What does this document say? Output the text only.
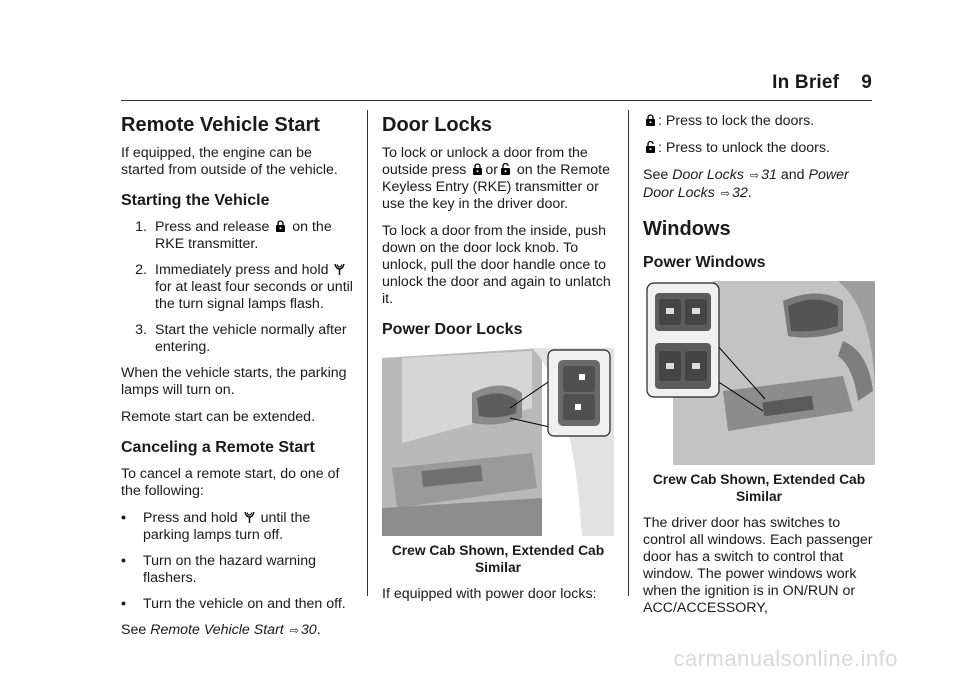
In Brief 9
Remote Vehicle Start

If equipped, the engine can be started from outside of the vehicle.

Starting the Vehicle
1. Press and release on the RKE transmitter.
2. Immediately press and hold  for at least four seconds or until the turn signal lamps flash.
3. Start the vehicle normally after entering.

When the vehicle starts, the parking lamps will turn on.

Remote start can be extended.

Canceling a Remote Start

To cancel a remote start, do one of the following:

•	Press and hold until the parking lamps turn off.
•	Turn on the hazard warning flashers.
•	Turn the vehicle on and then off.

See Remote Vehicle Start ⇨ 30.

Door Locks

To lock or unlock a door from the outside press or on the Remote Keyless Entry (RKE) transmitter or use the key in the driver door.

To lock a door from the inside, push down on the door lock knob. To unlock, pull the door handle once to unlock the door and again to unlatch it.

Power Door Locks
Crew Cab Shown, Extended Cab Similar

If equipped with power door locks:

: Press to lock the doors.

: Press to unlock the doors.

See Door Locks ⇨ 31 and Power Door Locks ⇨ 32.

Windows
Power Windows
Crew Cab Shown, Extended Cab Similar

The driver door has switches to control all windows. Each passenger door has a switch to control that window. The power windows work when the ignition is in ON/RUN or ACC/ACCESSORY,

carmanualsonline.info
